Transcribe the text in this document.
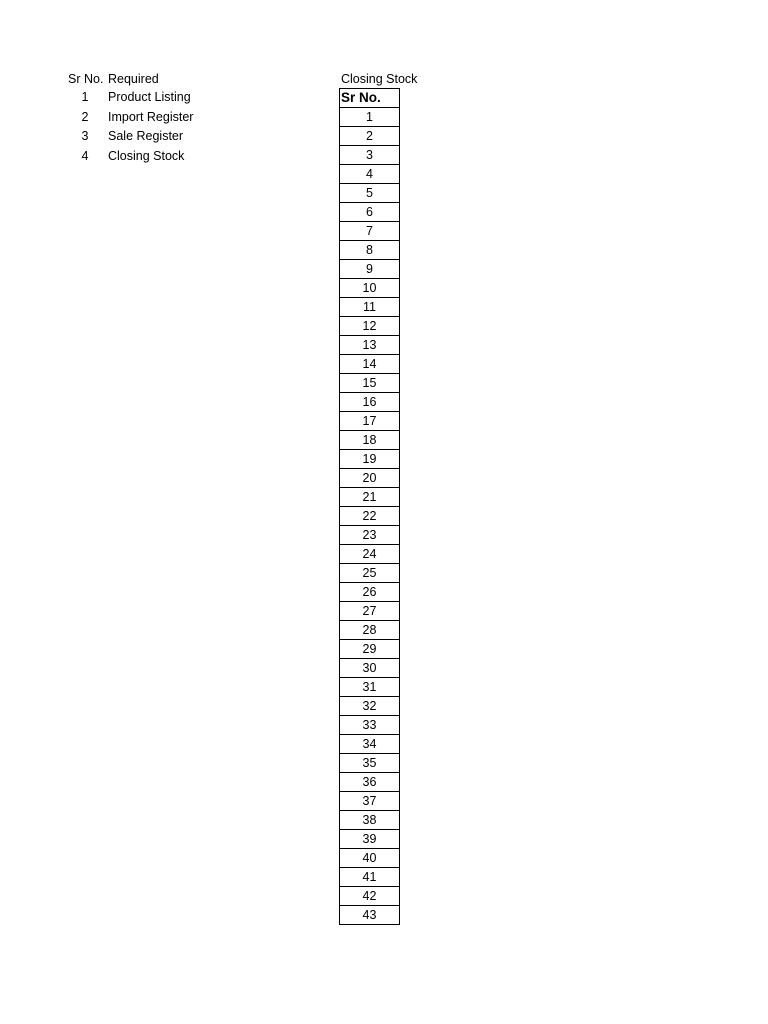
Sr No. Required
1	Product Listing
2	Import Register
3	Sale Register
4	Closing Stock
Closing Stock
Sr No.
1
2
3
4
5
6
7
8
9
10
11
12
13
14
15
16
17
18
19
20
21
22
23
24
25
26
27
28
29
30
31
32
33
34
35
36
37
38
39
40
41
42
43
